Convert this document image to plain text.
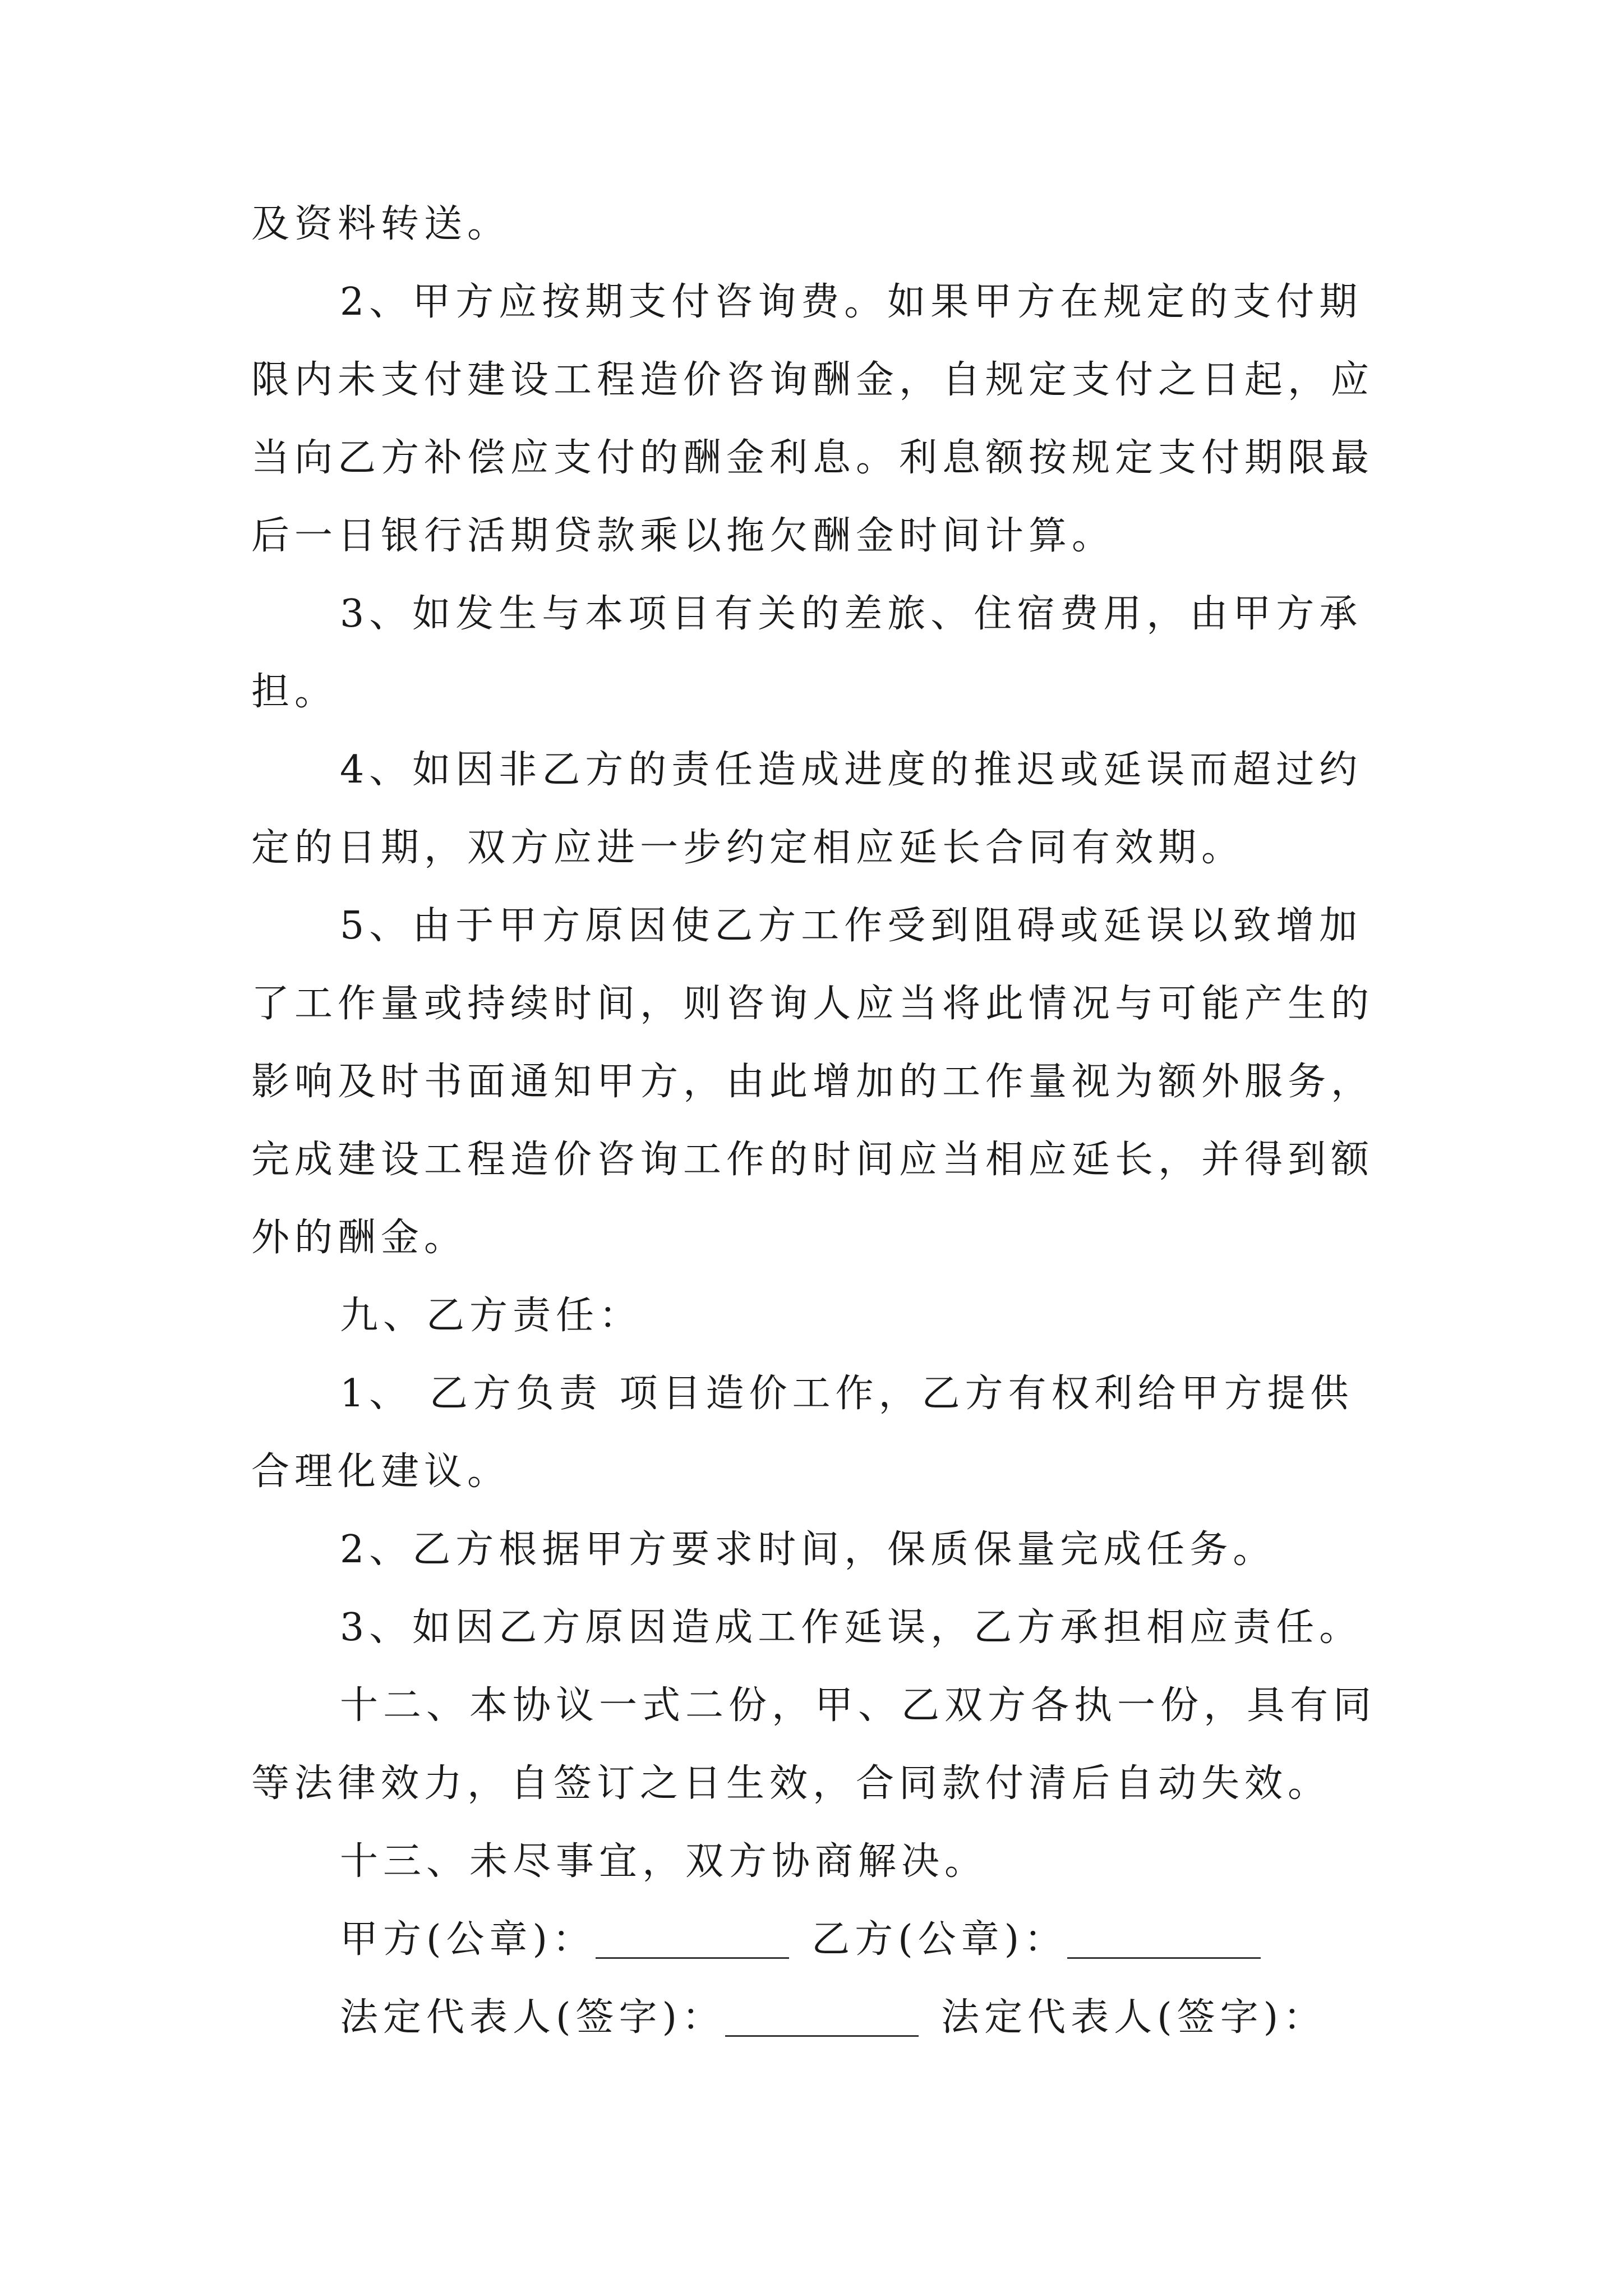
及资料转送。
2、甲方应按期支付咨询费。如果甲方在规定的支付期
限内未支付建设工程造价咨询酬金，自规定支付之日起，应
当向乙方补偿应支付的酬金利息。利息额按规定支付期限最
后一日银行活期贷款乘以拖欠酬金时间计算。
3、如发生与本项目有关的差旅、住宿费用，由甲方承
担。
4、如因非乙方的责任造成进度的推迟或延误而超过约
定的日期，双方应进一步约定相应延长合同有效期。
5、由于甲方原因使乙方工作受到阻碍或延误以致增加
了工作量或持续时间，则咨询人应当将此情况与可能产生的
影响及时书面通知甲方，由此增加的工作量视为额外服务，
完成建设工程造价咨询工作的时间应当相应延长，并得到额
外的酬金。
九、乙方责任：
1、 乙方负责 项目造价工作，乙方有权利给甲方提供
合理化建议。
2、乙方根据甲方要求时间，保质保量完成任务。
3、如因乙方原因造成工作延误，乙方承担相应责任。
十二、本协议一式二份，甲、乙双方各执一份，具有同
等法律效力，自签订之日生效，合同款付清后自动失效。
十三、未尽事宜，双方协商解决。
甲方(公章)：	乙方(公章)：
法定代表人(签字)：	法定代表人(签字)：
